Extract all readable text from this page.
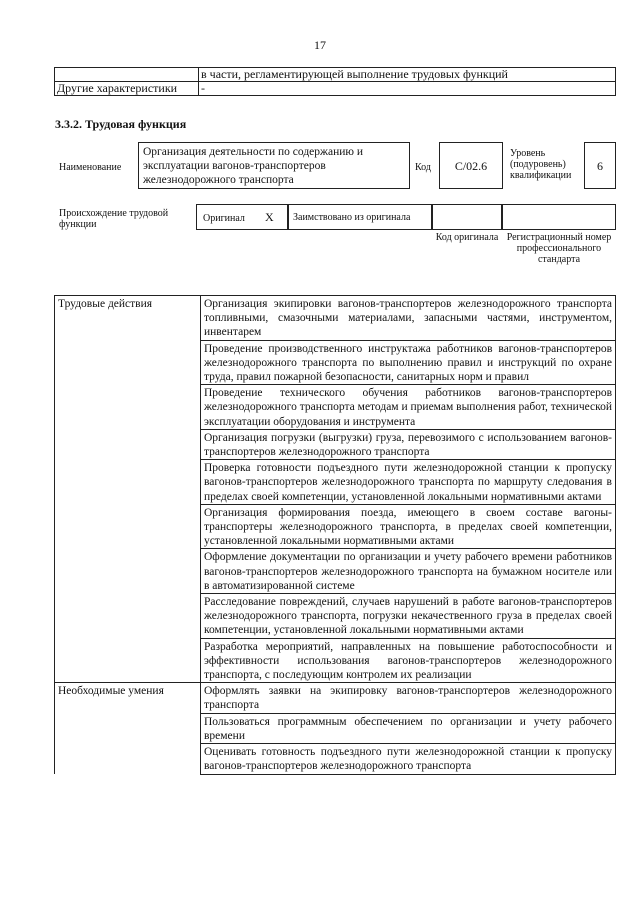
17
	в части, регламентирующей выполнение трудовых функций
Другие характеристики	-
3.3.2. Трудовая функция
Наименование
Организация деятельности по содержанию и эксплуатации вагонов-транспортеров железнодорожного транспорта
Код	С/02.6
Уровень (подуровень) квалификации
6
Происхождение трудовой функции
Оригинал X	Заимствовано из оригинала
Код оригинала Регистрационный номер профессионального стандарта
Трудовые действия	Организация экипировки вагонов-транспортеров железнодорожного транспорта топливными, смазочными материалами, запасными частями, инструментом, инвентарем
	Проведение производственного инструктажа работников вагонов-транспортеров железнодорожного транспорта по выполнению правил и инструкций по охране труда, правил пожарной безопасности, санитарных норм и правил
	Проведение технического обучения работников вагонов-транспортеров железнодорожного транспорта методам и приемам выполнения работ, технической эксплуатации оборудования и инструмента
	Организация погрузки (выгрузки) груза, перевозимого с использованием вагонов-транспортеров железнодорожного транспорта
	Проверка готовности подъездного пути железнодорожной станции к пропуску вагонов-транспортеров железнодорожного транспорта по маршруту следования в пределах своей компетенции, установленной локальными нормативными актами
	Организация формирования поезда, имеющего в своем составе вагоны-транспортеры железнодорожного транспорта, в пределах своей компетенции, установленной локальными нормативными актами
	Оформление документации по организации и учету рабочего времени работников вагонов-транспортеров железнодорожного транспорта на бумажном носителе или в автоматизированной системе
	Расследование повреждений, случаев нарушений в работе вагонов-транспортеров железнодорожного транспорта, погрузки некачественного груза в пределах своей компетенции, установленной локальными нормативными актами
	Разработка мероприятий, направленных на повышение работоспособности и эффективности использования вагонов-транспортеров железнодорожного транспорта, с последующим контролем их реализации
Необходимые умения	Оформлять заявки на экипировку вагонов-транспортеров железнодорожного транспорта
	Пользоваться программным обеспечением по организации и учету рабочего времени
	Оценивать готовность подъездного пути железнодорожной станции к пропуску вагонов-транспортеров железнодорожного транспорта
